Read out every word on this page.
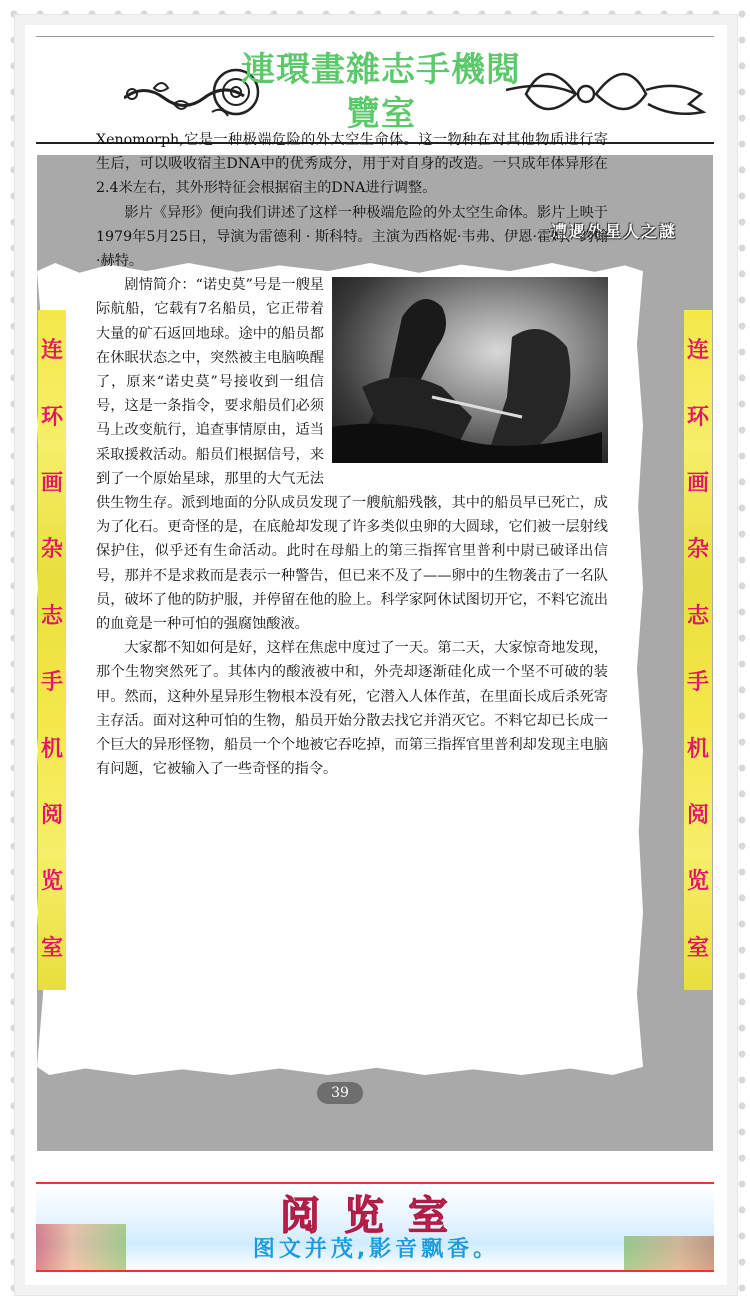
連環畫雜志手機閱
覽室
遭遇外星人之謎

Xenomorph,它是一种极端危险的外太空生命体。这一物种在对其他物质进行寄生后，可以吸收宿主DNA中的优秀成分，用于对自身的改造。一只成年体异形在2.4米左右，其外形特征会根据宿主的DNA进行调整。

影片《异形》便向我们讲述了这样一种极端危险的外太空生命体。影片上映于1979年5月25日，导演为雷德利 · 斯科特。主演为西格妮·韦弗、伊恩·霍姆、约翰·赫特。

剧情简介：“诺史莫”号是一艘星际航船，它载有7名船员，它正带着大量的矿石返回地球。途中的船员都在休眠状态之中，突然被主电脑唤醒了，原来“诺史莫”号接收到一组信号，这是一条指令，要求船员们必须马上改变航行，追查事情原由，适当采取援救活动。船员们根据信号，来到了一个原始星球，那里的大气无法供生物生存。派到地面的分队成员发现了一艘航船残骸，其中的船员早已死亡，成为了化石。更奇怪的是，在底舱却发现了许多类似虫卵的大圆球，它们被一层射线保护住，似乎还有生命活动。此时在母船上的第三指挥官里普利中尉已破译出信号，那并不是求救而是表示一种警告，但已来不及了——卵中的生物袭击了一名队员，破坏了他的防护服，并停留在他的脸上。科学家阿休试图切开它，不料它流出的血竟是一种可怕的强腐蚀酸液。

大家都不知如何是好，这样在焦虑中度过了一天。第二天，大家惊奇地发现，那个生物突然死了。其体内的酸液被中和，外壳却逐渐硅化成一个坚不可破的装甲。然而，这种外星异形生物根本没有死，它潜入人体作茧，在里面长成后杀死寄主存活。面对这种可怕的生物，船员开始分散去找它并消灭它。不料它却已长成一个巨大的异形怪物，船员一个个地被它吞吃掉，而第三指挥官里普利却发现主电脑有问题，它被输入了一些奇怪的指令。

39
连
环
画
杂
志
手
机
阅
览
室
连
环
画
杂
志
手
机
阅
览
室
阅览室
图文并茂,影音飘香。
